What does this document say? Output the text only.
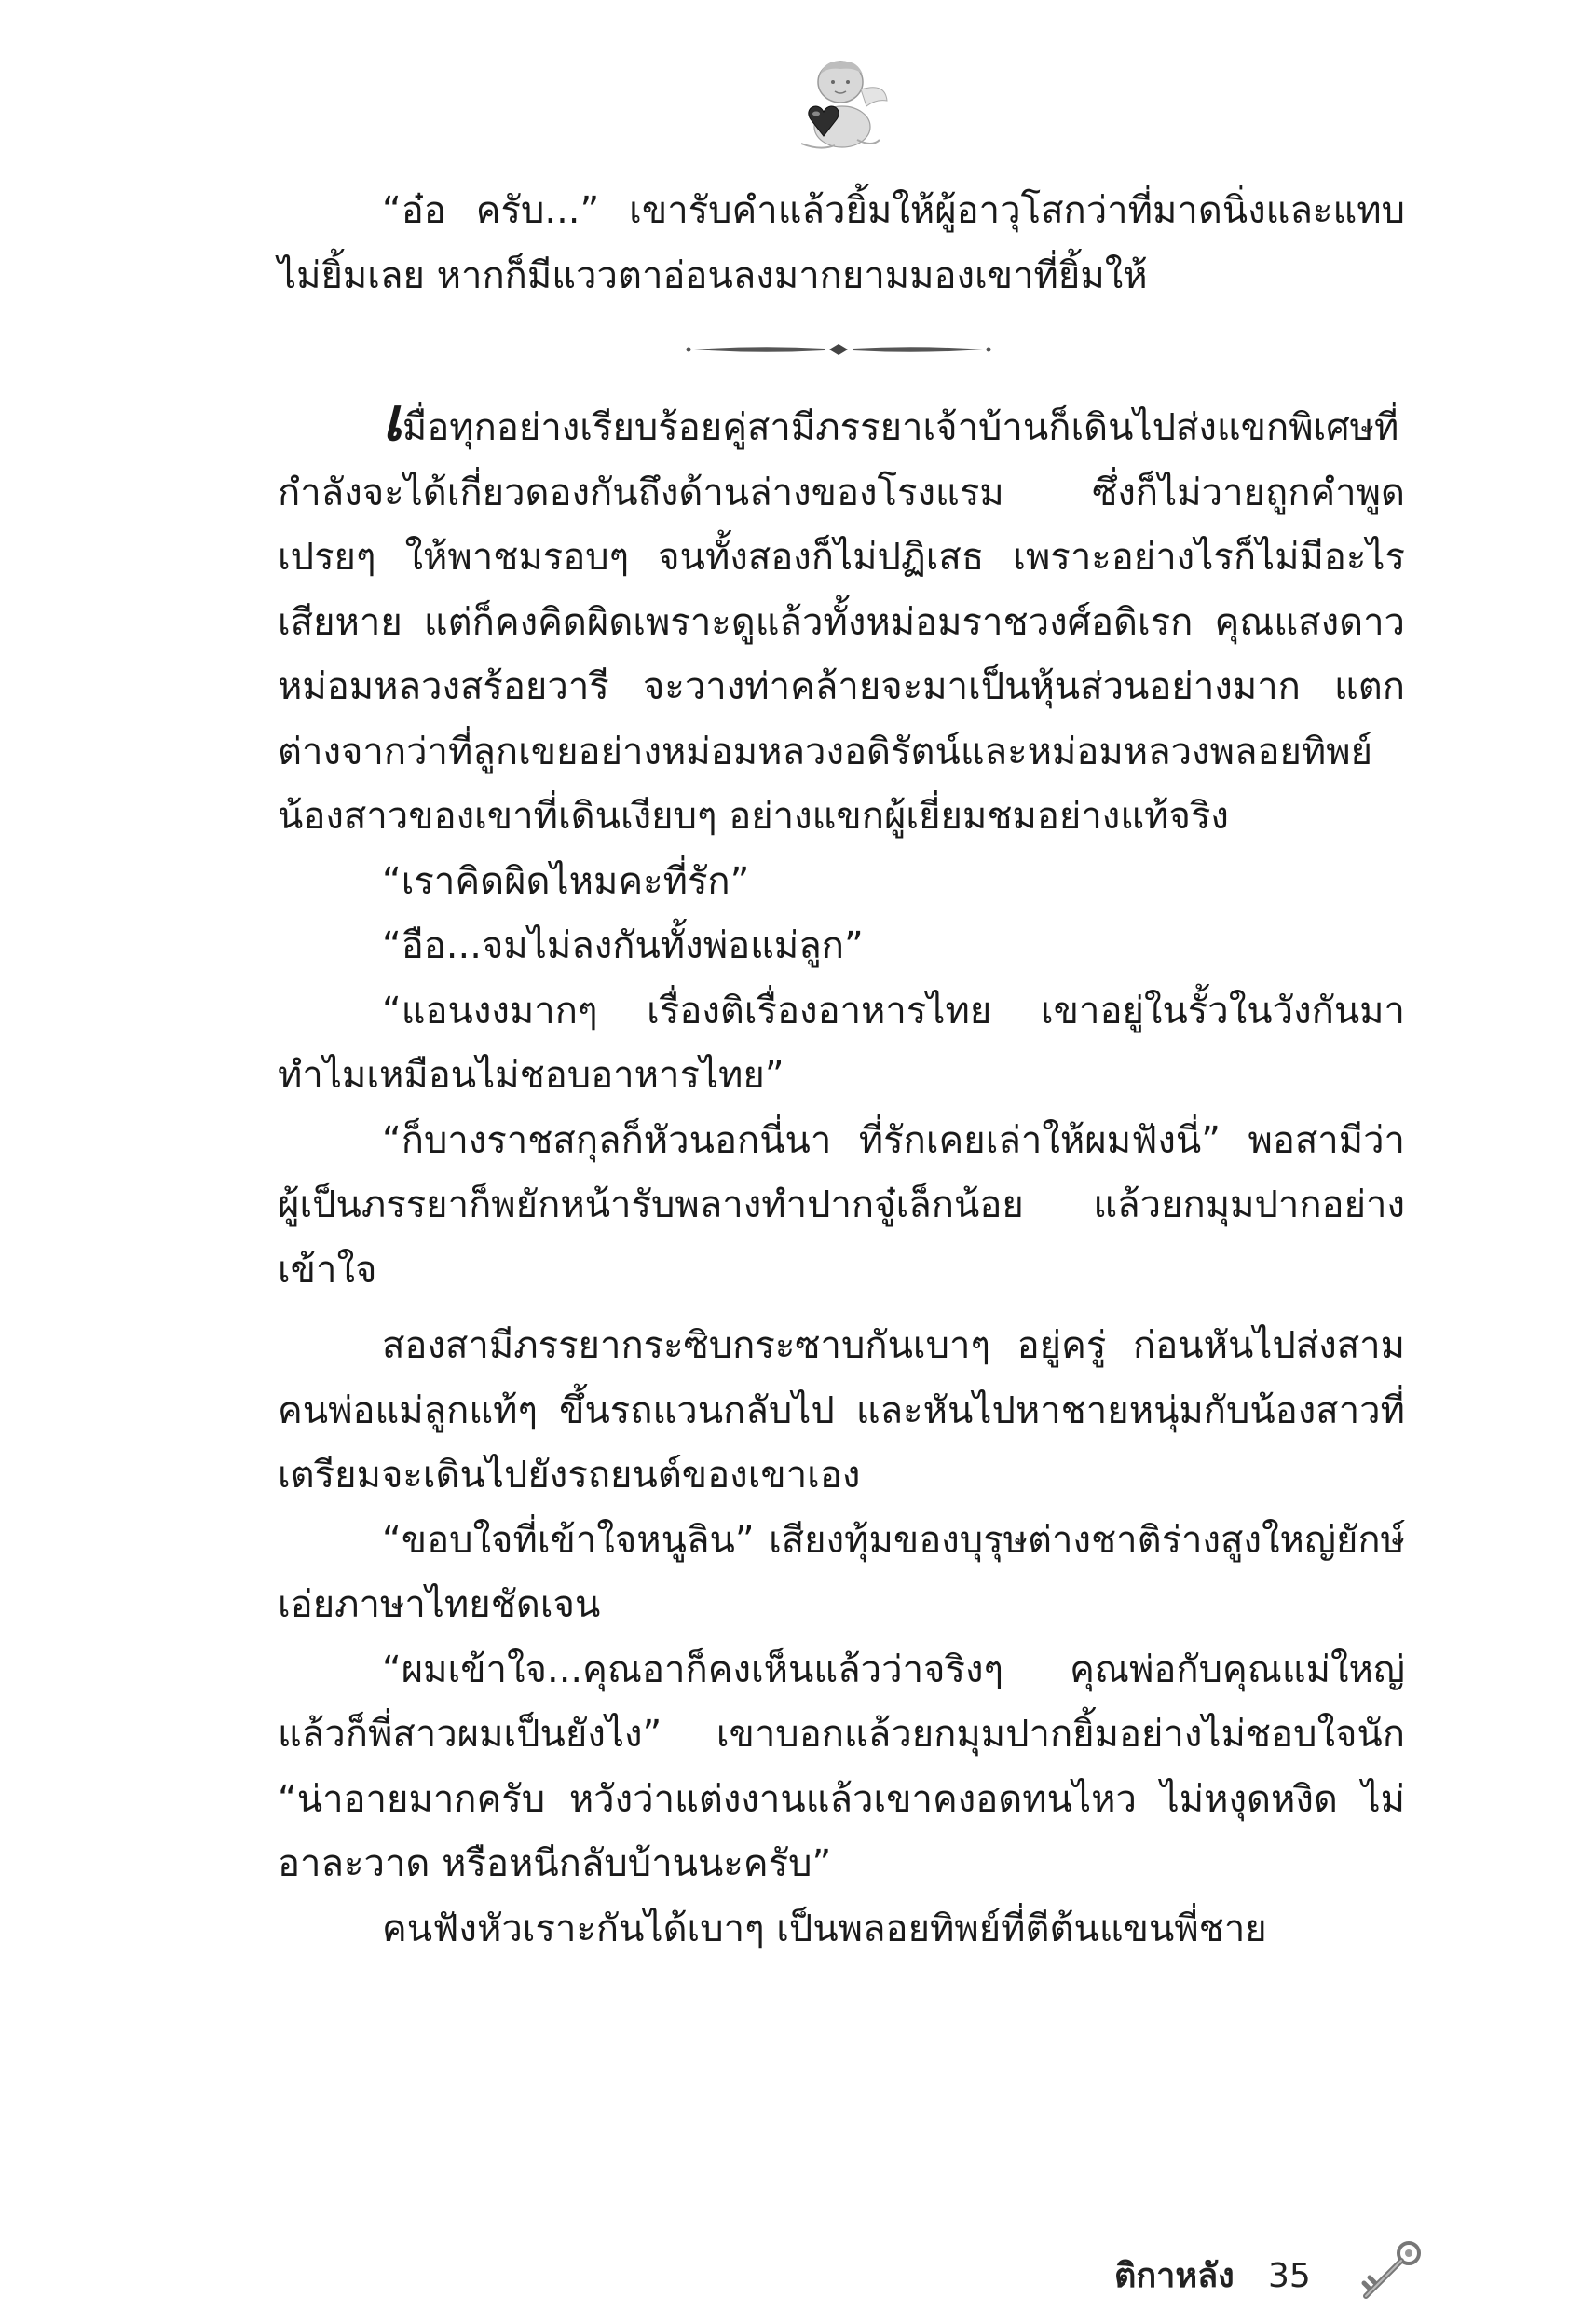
“อ๋อ ครับ...” เขารับคำแล้วยิ้มให้ผู้อาวุโสกว่าที่มาดนิ่งและแทบไม่ยิ้มเลย หากก็มีแววตาอ่อนลงมากยามมองเขาที่ยิ้มให้

เมื่อทุกอย่างเรียบร้อยคู่สามีภรรยาเจ้าบ้านก็เดินไปส่งแขกพิเศษที่กำลังจะได้เกี่ยวดองกันถึงด้านล่างของโรงแรม ซึ่งก็ไม่วายถูกคำพูดเปรยๆ ให้พาชมรอบๆ จนทั้งสองก็ไม่ปฏิเสธ เพราะอย่างไรก็ไม่มีอะไรเสียหาย แต่ก็คงคิดผิดเพราะดูแล้วทั้งหม่อมราชวงศ์อดิเรก คุณแสงดาว หม่อมหลวงสร้อยวารี จะวางท่าคล้ายจะมาเป็นหุ้นส่วนอย่างมาก แตกต่างจากว่าที่ลูกเขยอย่างหม่อมหลวงอดิรัตน์และหม่อมหลวงพลอยทิพย์ น้องสาวของเขาที่เดินเงียบๆ อย่างแขกผู้เยี่ยมชมอย่างแท้จริง

“เราคิดผิดไหมคะที่รัก”

“อือ...จมไม่ลงกันทั้งพ่อแม่ลูก”

“แอนงงมากๆ เรื่องติเรื่องอาหารไทย เขาอยู่ในรั้วในวังกันมา ทำไมเหมือนไม่ชอบอาหารไทย”

“ก็บางราชสกุลก็หัวนอกนี่นา ที่รักเคยเล่าให้ผมฟังนี่” พอสามีว่า ผู้เป็นภรรยาก็พยักหน้ารับพลางทำปากจู๋เล็กน้อย แล้วยกมุมปากอย่างเข้าใจ

สองสามีภรรยากระซิบกระซาบกันเบาๆ อยู่ครู่ ก่อนหันไปส่งสามคนพ่อแม่ลูกแท้ๆ ขึ้นรถแวนกลับไป และหันไปหาชายหนุ่มกับน้องสาวที่เตรียมจะเดินไปยังรถยนต์ของเขาเอง

“ขอบใจที่เข้าใจหนูลิน” เสียงทุ้มของบุรุษต่างชาติร่างสูงใหญ่ยักษ์เอ่ยภาษาไทยชัดเจน

“ผมเข้าใจ...คุณอาก็คงเห็นแล้วว่าจริงๆ คุณพ่อกับคุณแม่ใหญ่แล้วก็พี่สาวผมเป็นยังไง” เขาบอกแล้วยกมุมปากยิ้มอย่างไม่ชอบใจนัก “น่าอายมากครับ หวังว่าแต่งงานแล้วเขาคงอดทนไหว ไม่หงุดหงิด ไม่อาละวาด หรือหนีกลับบ้านนะครับ”

คนฟังหัวเราะกันได้เบาๆ เป็นพลอยทิพย์ที่ตีต้นแขนพี่ชาย

ติกาหลัง 35
